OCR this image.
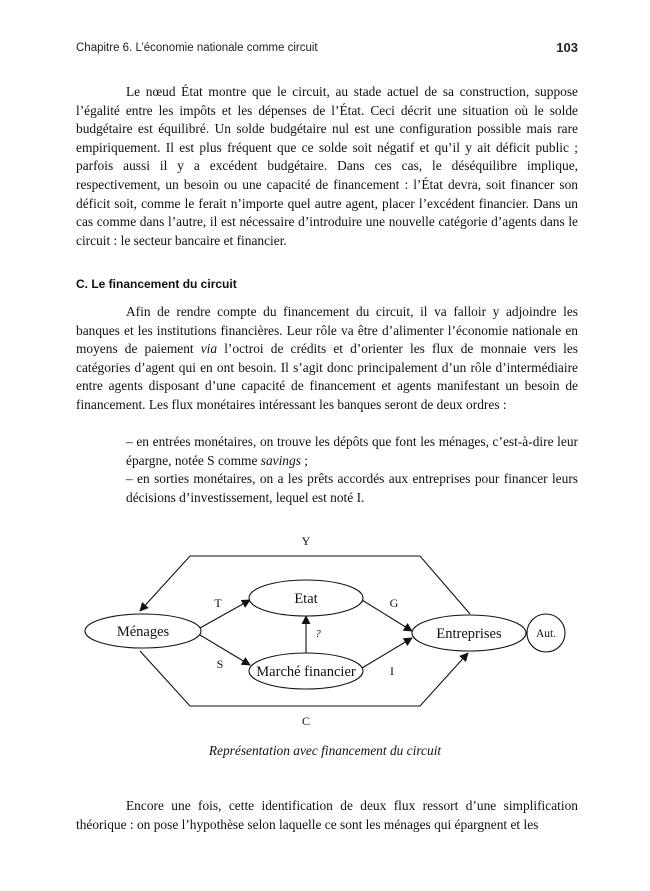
Chapitre 6. L’économie nationale comme circuit	103

Le nœud État montre que le circuit, au stade actuel de sa construction, suppose l’égalité entre les impôts et les dépenses de l’État. Ceci décrit une situation où le solde budgétaire est équilibré. Un solde budgétaire nul est une configuration possible mais rare empiriquement. Il est plus fréquent que ce solde soit négatif et qu’il y ait déficit public ; parfois aussi il y a excédent budgétaire. Dans ces cas, le déséquilibre implique, respectivement, un besoin ou une capacité de financement : l’État devra, soit financer son déficit soit, comme le ferait n’importe quel autre agent, placer l’excédent financier. Dans un cas comme dans l’autre, il est nécessaire d’introduire une nouvelle catégorie d’agents dans le circuit : le secteur bancaire et financier.

C. Le financement du circuit

Afin de rendre compte du financement du circuit, il va falloir y adjoindre les banques et les institutions financières. Leur rôle va être d’alimenter l’économie nationale en moyens de paiement via l’octroi de crédits et d’orienter les flux de monnaie vers les catégories d’agent qui en ont besoin. Il s’agit donc principalement d’un rôle d’intermédiaire entre agents disposant d’une capacité de financement et agents manifestant un besoin de financement. Les flux monétaires intéressant les banques seront de deux ordres :

– en entrées monétaires, on trouve les dépôts que font les ménages, c’est-à-dire leur épargne, notée S comme savings ;

– en sorties monétaires, on a les prêts accordés aux entreprises pour financer leurs décisions d’investissement, lequel est noté I.

Ménages
Etat
Entreprises
Marché financier
Aut.
Y
C
T	G
S	I
?
Représentation avec financement du circuit

Encore une fois, cette identification de deux flux ressort d’une simplification théorique : on pose l’hypothèse selon laquelle ce sont les ménages qui épargnent et les
